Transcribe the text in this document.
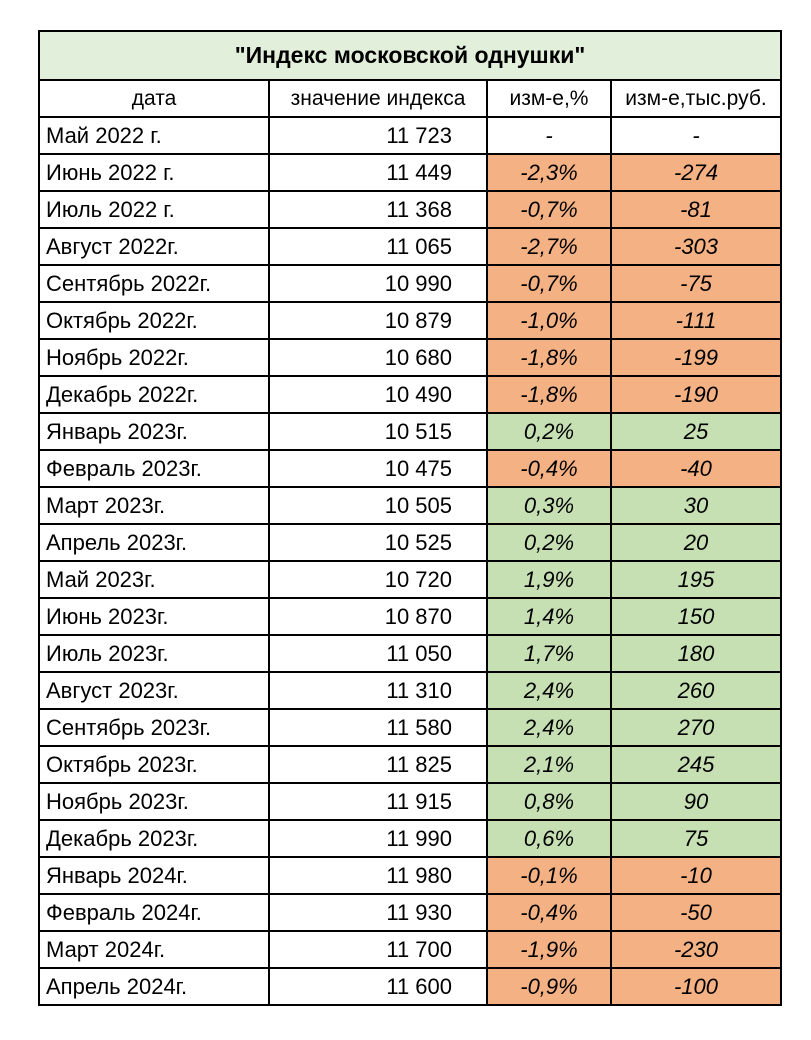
"Индекс московской однушки"			
дата	значение индекса	изм-е,%	изм-е,тыс.руб.
Май 2022 г.	11 723	-	-
Июнь 2022 г.	11 449	-2,3%	-274
Июль 2022 г.	11 368	-0,7%	-81
Август 2022г.	11 065	-2,7%	-303
Сентябрь 2022г.	10 990	-0,7%	-75
Октябрь 2022г.	10 879	-1,0%	-111
Ноябрь 2022г.	10 680	-1,8%	-199
Декабрь 2022г.	10 490	-1,8%	-190
Январь 2023г.	10 515	0,2%	25
Февраль 2023г.	10 475	-0,4%	-40
Март 2023г.	10 505	0,3%	30
Апрель 2023г.	10 525	0,2%	20
Май 2023г.	10 720	1,9%	195
Июнь 2023г.	10 870	1,4%	150
Июль 2023г.	11 050	1,7%	180
Август 2023г.	11 310	2,4%	260
Сентябрь 2023г.	11 580	2,4%	270
Октябрь 2023г.	11 825	2,1%	245
Ноябрь 2023г.	11 915	0,8%	90
Декабрь 2023г.	11 990	0,6%	75
Январь 2024г.	11 980	-0,1%	-10
Февраль 2024г.	11 930	-0,4%	-50
Март 2024г.	11 700	-1,9%	-230
Апрель 2024г.	11 600	-0,9%	-100
